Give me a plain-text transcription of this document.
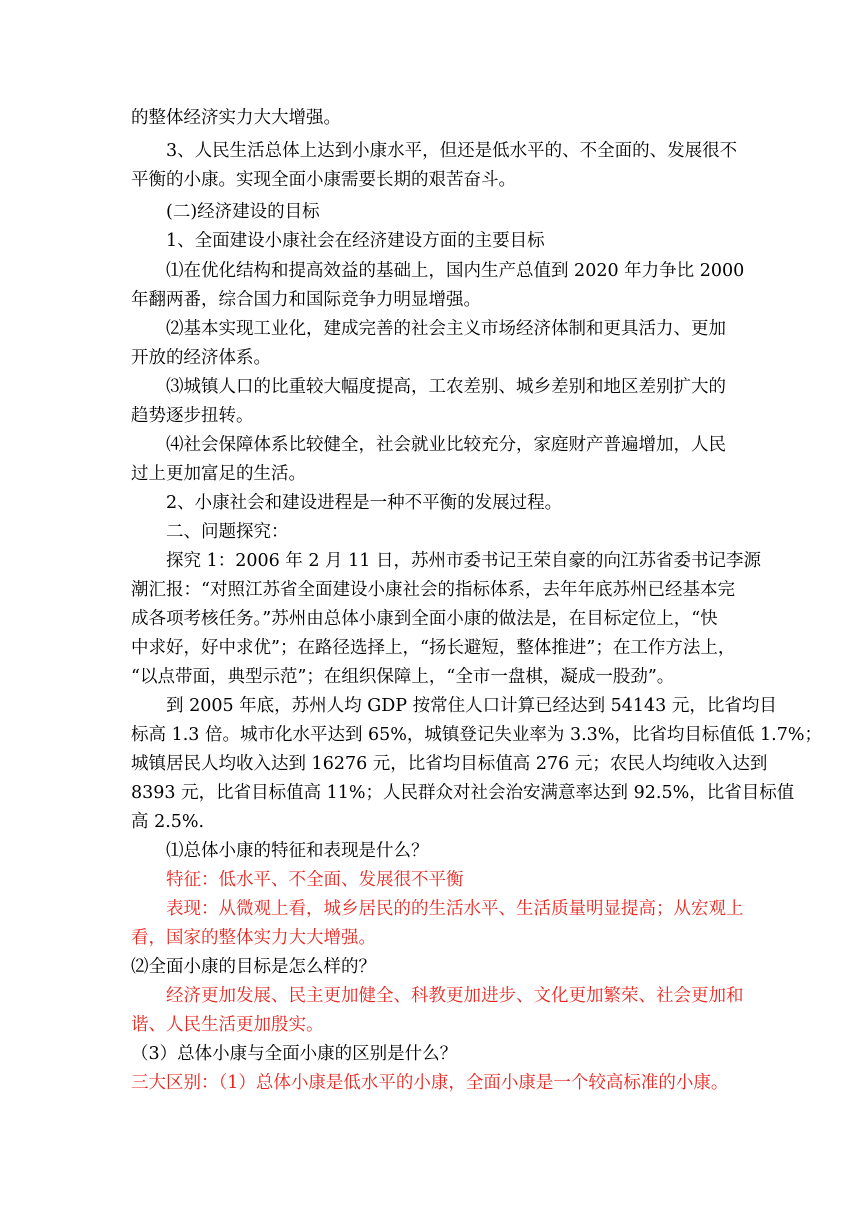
的整体经济实力大大增强。
3、人民生活总体上达到小康水平，但还是低水平的、不全面的、发展很不
平衡的小康。实现全面小康需要长期的艰苦奋斗。
(二)经济建设的目标
1、全面建设小康社会在经济建设方面的主要目标
⑴在优化结构和提高效益的基础上，国内生产总值到 2020 年力争比 2000
年翻两番，综合国力和国际竞争力明显增强。
⑵基本实现工业化，建成完善的社会主义市场经济体制和更具活力、更加
开放的经济体系。
⑶城镇人口的比重较大幅度提高，工农差别、城乡差别和地区差别扩大的
趋势逐步扭转。
⑷社会保障体系比较健全，社会就业比较充分，家庭财产普遍增加，人民
过上更加富足的生活。
2、小康社会和建设进程是一种不平衡的发展过程。
二、问题探究：
探究 1：2006 年 2 月 11 日，苏州市委书记王荣自豪的向江苏省委书记李源
潮汇报：“对照江苏省全面建设小康社会的指标体系，去年年底苏州已经基本完
成各项考核任务。”苏州由总体小康到全面小康的做法是，在目标定位上，“快
中求好，好中求优”；在路径选择上，“扬长避短，整体推进”；在工作方法上，
“以点带面，典型示范”；在组织保障上，“全市一盘棋，凝成一股劲”。
到 2005 年底，苏州人均 GDP 按常住人口计算已经达到 54143 元，比省均目
标高 1.3 倍。城市化水平达到 65%，城镇登记失业率为 3.3%，比省均目标值低 1.7%；
城镇居民人均收入达到 16276 元，比省均目标值高 276 元；农民人均纯收入达到
8393 元，比省目标值高 11%；人民群众对社会治安满意率达到 92.5%，比省目标值
高 2.5%.
⑴总体小康的特征和表现是什么？
特征：低水平、不全面、发展很不平衡
表现：从微观上看，城乡居民的的生活水平、生活质量明显提高；从宏观上
看，国家的整体实力大大增强。
⑵全面小康的目标是怎么样的？
经济更加发展、民主更加健全、科教更加进步、文化更加繁荣、社会更加和
谐、人民生活更加殷实。
（3）总体小康与全面小康的区别是什么？
三大区别：（1）总体小康是低水平的小康，全面小康是一个较高标准的小康。
